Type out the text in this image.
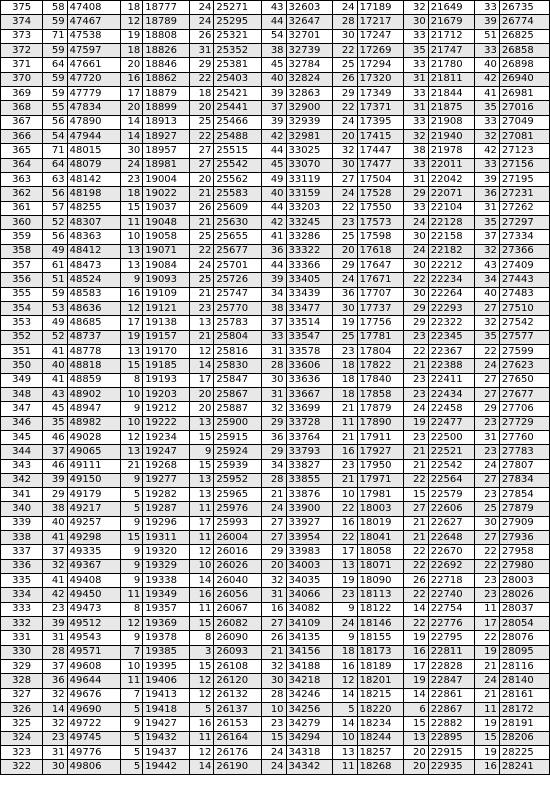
375	58	47408	18	18777	24	25271	43	32603	24	17189	32	21649	33	26735
374	59	47467	12	18789	24	25295	44	32647	28	17217	30	21679	39	26774
373	71	47538	19	18808	26	25321	54	32701	30	17247	33	21712	51	26825
372	59	47597	18	18826	31	25352	38	32739	22	17269	35	21747	33	26858
371	64	47661	20	18846	29	25381	45	32784	25	17294	33	21780	40	26898
370	59	47720	16	18862	22	25403	40	32824	26	17320	31	21811	42	26940
369	59	47779	17	18879	18	25421	39	32863	29	17349	33	21844	41	26981
368	55	47834	20	18899	20	25441	37	32900	22	17371	31	21875	35	27016
367	56	47890	14	18913	25	25466	39	32939	24	17395	33	21908	33	27049
366	54	47944	14	18927	22	25488	42	32981	20	17415	32	21940	32	27081
365	71	48015	30	18957	27	25515	44	33025	32	17447	38	21978	42	27123
364	64	48079	24	18981	27	25542	45	33070	30	17477	33	22011	33	27156
363	63	48142	23	19004	20	25562	49	33119	27	17504	31	22042	39	27195
362	56	48198	18	19022	21	25583	40	33159	24	17528	29	22071	36	27231
361	57	48255	15	19037	26	25609	44	33203	22	17550	33	22104	31	27262
360	52	48307	11	19048	21	25630	42	33245	23	17573	24	22128	35	27297
359	56	48363	10	19058	25	25655	41	33286	25	17598	30	22158	37	27334
358	49	48412	13	19071	22	25677	36	33322	20	17618	24	22182	32	27366
357	61	48473	13	19084	24	25701	44	33366	29	17647	30	22212	43	27409
356	51	48524	9	19093	25	25726	39	33405	24	17671	22	22234	34	27443
355	59	48583	16	19109	21	25747	34	33439	36	17707	30	22264	40	27483
354	53	48636	12	19121	23	25770	38	33477	30	17737	29	22293	27	27510
353	49	48685	17	19138	13	25783	37	33514	19	17756	29	22322	32	27542
352	52	48737	19	19157	21	25804	33	33547	25	17781	23	22345	35	27577
351	41	48778	13	19170	12	25816	31	33578	23	17804	22	22367	22	27599
350	40	48818	15	19185	14	25830	28	33606	18	17822	21	22388	24	27623
349	41	48859	8	19193	17	25847	30	33636	18	17840	23	22411	27	27650
348	43	48902	10	19203	20	25867	31	33667	18	17858	23	22434	27	27677
347	45	48947	9	19212	20	25887	32	33699	21	17879	24	22458	29	27706
346	35	48982	10	19222	13	25900	29	33728	11	17890	19	22477	23	27729
345	46	49028	12	19234	15	25915	36	33764	21	17911	23	22500	31	27760
344	37	49065	13	19247	9	25924	29	33793	16	17927	21	22521	23	27783
343	46	49111	21	19268	15	25939	34	33827	23	17950	21	22542	24	27807
342	39	49150	9	19277	13	25952	28	33855	21	17971	22	22564	27	27834
341	29	49179	5	19282	13	25965	21	33876	10	17981	15	22579	23	27854
340	38	49217	5	19287	11	25976	24	33900	22	18003	27	22606	25	27879
339	40	49257	9	19296	17	25993	27	33927	16	18019	21	22627	30	27909
338	41	49298	15	19311	11	26004	27	33954	22	18041	21	22648	27	27936
337	37	49335	9	19320	12	26016	29	33983	17	18058	22	22670	22	27958
336	32	49367	9	19329	10	26026	20	34003	13	18071	22	22692	22	27980
335	41	49408	9	19338	14	26040	32	34035	19	18090	26	22718	23	28003
334	42	49450	11	19349	16	26056	31	34066	23	18113	22	22740	23	28026
333	23	49473	8	19357	11	26067	16	34082	9	18122	14	22754	11	28037
332	39	49512	12	19369	15	26082	27	34109	24	18146	22	22776	17	28054
331	31	49543	9	19378	8	26090	26	34135	9	18155	19	22795	22	28076
330	28	49571	7	19385	3	26093	21	34156	18	18173	16	22811	19	28095
329	37	49608	10	19395	15	26108	32	34188	16	18189	17	22828	21	28116
328	36	49644	11	19406	12	26120	30	34218	12	18201	19	22847	24	28140
327	32	49676	7	19413	12	26132	28	34246	14	18215	14	22861	21	28161
326	14	49690	5	19418	5	26137	10	34256	5	18220	6	22867	11	28172
325	32	49722	9	19427	16	26153	23	34279	14	18234	15	22882	19	28191
324	23	49745	5	19432	11	26164	15	34294	10	18244	13	22895	15	28206
323	31	49776	5	19437	12	26176	24	34318	13	18257	20	22915	19	28225
322	30	49806	5	19442	14	26190	24	34342	11	18268	20	22935	16	28241
